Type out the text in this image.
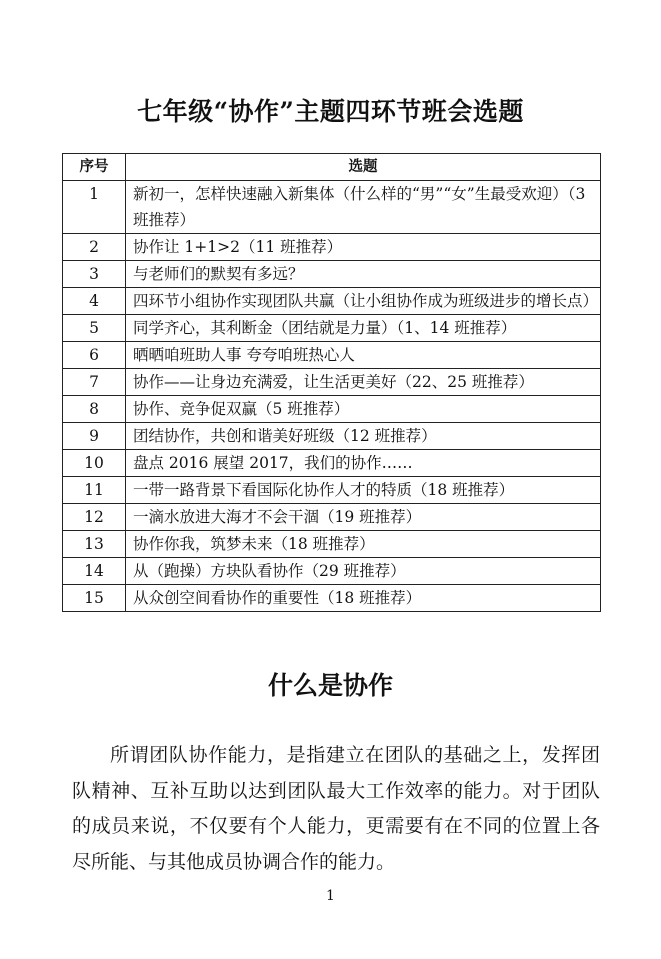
七年级“协作”主题四环节班会选题
序号	选题
1	新初一，怎样快速融入新集体（什么样的“男”“女”生最受欢迎）（3 班推荐）
2	协作让 1+1>2（11 班推荐）
3	与老师们的默契有多远？
4	四环节小组协作实现团队共赢（让小组协作成为班级进步的增长点）
5	同学齐心，其利断金（团结就是力量）（1、14 班推荐）
6	晒晒咱班助人事 夸夸咱班热心人
7	协作——让身边充满爱，让生活更美好（22、25 班推荐）
8	协作、竞争促双赢（5 班推荐）
9	团结协作，共创和谐美好班级（12 班推荐）
10	盘点 2016 展望 2017，我们的协作……
11	一带一路背景下看国际化协作人才的特质（18 班推荐）
12	一滴水放进大海才不会干涸（19 班推荐）
13	协作你我，筑梦未来（18 班推荐）
14	从（跑操）方块队看协作（29 班推荐）
15	从众创空间看协作的重要性（18 班推荐）
什么是协作

所谓团队协作能力，是指建立在团队的基础之上，发挥团队精神、互补互助以达到团队最大工作效率的能力。对于团队的成员来说，不仅要有个人能力，更需要有在不同的位置上各尽所能、与其他成员协调合作的能力。

1
